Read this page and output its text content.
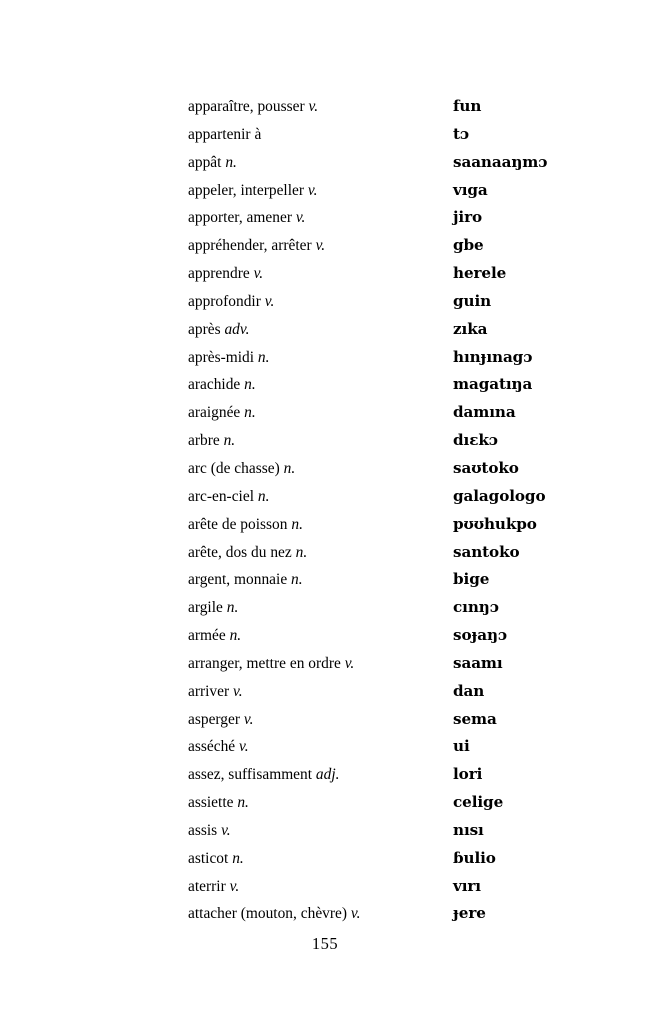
apparaître, pousser v.	fun
appartenir à	tɔ
appât n.	saanaaŋmɔ
appeler, interpeller v.	vıga
apporter, amener v.	jiro
appréhender, arrêter v.	gbe
apprendre v.	herele
approfondir v.	guin
après adv.	zıka
après-midi n.	hınɟınagɔ
arachide n.	magatıŋa
araignée n.	damına
arbre n.	dıɛkɔ
arc (de chasse) n.	saʊtoko
arc-en-ciel n.	galagologo
arête de poisson n.	pʊʊhukpo
arête, dos du nez n.	santoko
argent, monnaie n.	bige
argile n.	cınŋɔ
armée n.	soɟaŋɔ
arranger, mettre en ordre v.	saamı
arriver v.	dan
asperger v.	sema
asséché v.	ui
assez, suffisamment adj.	lori
assiette n.	celige
assis v.	nısı
asticot n.	ɓulio
aterrir v.	vırı
attacher (mouton, chèvre) v.	ɟere
155
